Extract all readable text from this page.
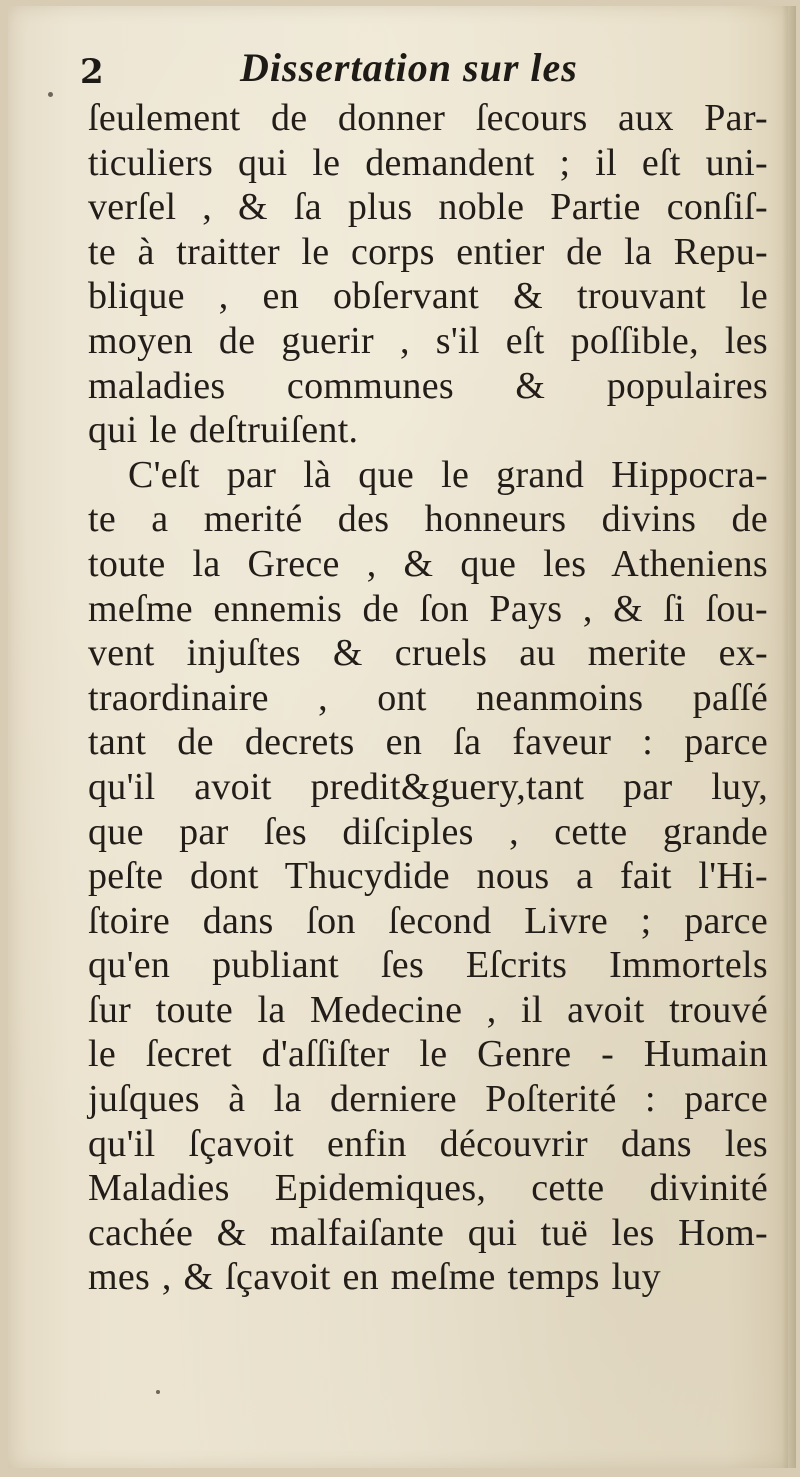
2	Dissertation sur les
ſeulement de donner ſecours aux Par-
ticuliers qui le demandent ; il eſt uni-
verſel , & ſa plus noble Partie conſiſ-
te à traitter le corps entier de la Repu-
blique , en obſervant & trouvant le
moyen de guerir , s'il eſt poſſible, les
maladies communes & populaires
qui le deſtruiſent.
C'eſt par là que le grand Hippocra-
te a merité des honneurs divins de
toute la Grece , & que les Atheniens
meſme ennemis de ſon Pays , & ſi ſou-
vent injuſtes & cruels au merite ex-
traordinaire , ont neanmoins paſſé
tant de decrets en ſa faveur : parce
qu'il avoit predit&guery,tant par luy,
que par ſes diſciples , cette grande
peſte dont Thucydide nous a fait l'Hi-
ſtoire dans ſon ſecond Livre ; parce
qu'en publiant ſes Eſcrits Immortels
ſur toute la Medecine , il avoit trouvé
le ſecret d'aſſiſter le Genre - Humain
juſques à la derniere Poſterité : parce
qu'il ſçavoit enfin découvrir dans les
Maladies Epidemiques, cette divinité
cachée & malfaiſante qui tuë les Hom-
mes , & ſçavoit en meſme temps luy
